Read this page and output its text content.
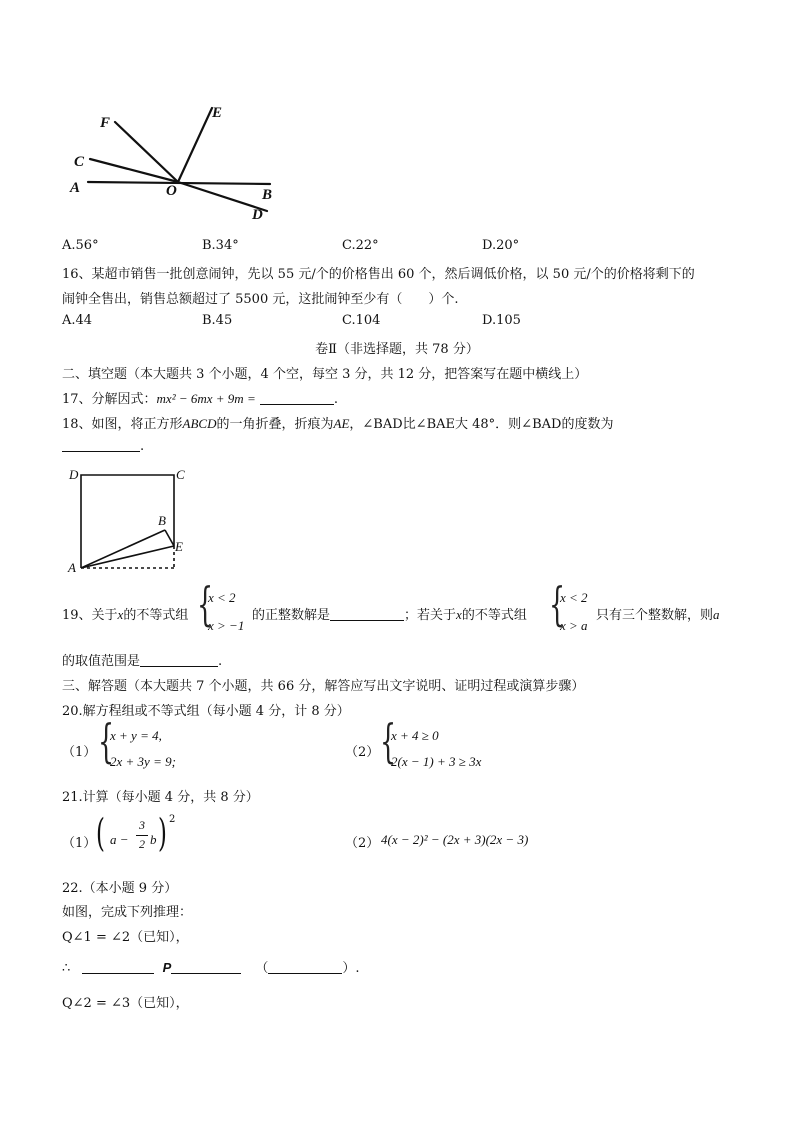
F
E
C
A	O	B
D
A.56°	B.34°	C.22°	D.20°
16、某超市销售一批创意闹钟，先以 55 元/个的价格售出 60 个，然后调低价格，以 50 元/个的价格将剩下的
闹钟全售出，销售总额超过了 5500 元，这批闹钟至少有（　　）个.
A.44	B.45	C.104	D.105
卷Ⅱ（非选择题，共 78 分）
二、填空题（本大题共 3 个小题，4 个空，每空 3 分，共 12 分，把答案写在题中横线上）
17、分解因式：mx² − 6mx + 9m =	.
18、如图，将正方形ABCD的一角折叠，折痕为AE，∠BAD比∠BAE大 48°．则∠BAD的度数为
.
D	C
B
E
A
19、关于x的不等式组 {
x < 2
x > −1
的正整数解是	；若关于x的不等式组 {
x < 2
x > a
只有三个整数解，则a
的取值范围是	.
三、解答题（本大题共 7 个小题，共 66 分，解答应写出文字说明、证明过程或演算步骤）
20.解方程组或不等式组（每小题 4 分，计 8 分）
（1） {
x + y = 4,
2x + 3y = 9;
（2） {
x + 4 ≥ 0
2(x − 1) + 3 ≥ 3x
21.计算（每小题 4 分，共 8 分）
（1） ( a −
3
2 b ) 2
（2） 4(x − 2)² − (2x + 3)(2x − 3)
22.（本小题 9 分）
如图，完成下列推理：
Q∠1 = ∠2（已知），
∴	P	（	）.
Q∠2 = ∠3（已知），
